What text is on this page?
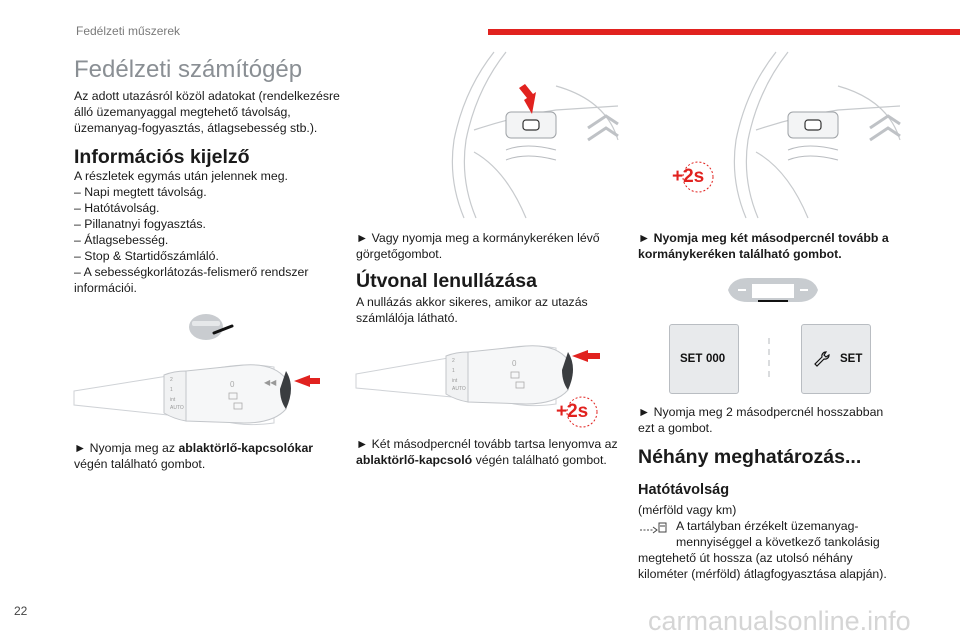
Fedélzeti műszerek
Fedélzeti számítógép
Az adott utazásról közöl adatokat (rendelkezésre
álló üzemanyaggal megtehető távolság,
üzemanyag-fogyasztás, átlagsebesség stb.).
Információs kijelző
A részletek egymás után jelennek meg.
– Napi megtett távolság.
– Hatótávolság.
– Pillanatnyi fogyasztás.
– Átlagsebesség.
– Stop & Startidőszámláló.
– A sebességkorlátozás-felismerő rendszer
információi.
2
1
int
AUTO
0	◀◀
► Nyomja meg az ablaktörlő-kapcsolókar
végén található gombot.
► Vagy nyomja meg a kormánykeréken lévő
görgetőgombot.
Útvonal lenullázása
A nullázás akkor sikeres, amikor az utazás
számlálója látható.
2
1
int
AUTO
0
+2s
► Két másodpercnél tovább tartsa lenyomva az
ablaktörlő-kapcsoló végén található gombot.
+2s
► Nyomja meg két másodpercnél tovább a
kormánykeréken található gombot.
SET 000	SET
► Nyomja meg 2 másodpercnél hosszabban
ezt a gombot.
Néhány meghatározás...
Hatótávolság
(mérföld vagy km)
A tartályban érzékelt üzemanyag-
mennyiséggel a következő tankolásig
megtehető út hossza (az utolsó néhány
kilométer (mérföld) átlagfogyasztása alapján).
22	carmanualsonline.info
